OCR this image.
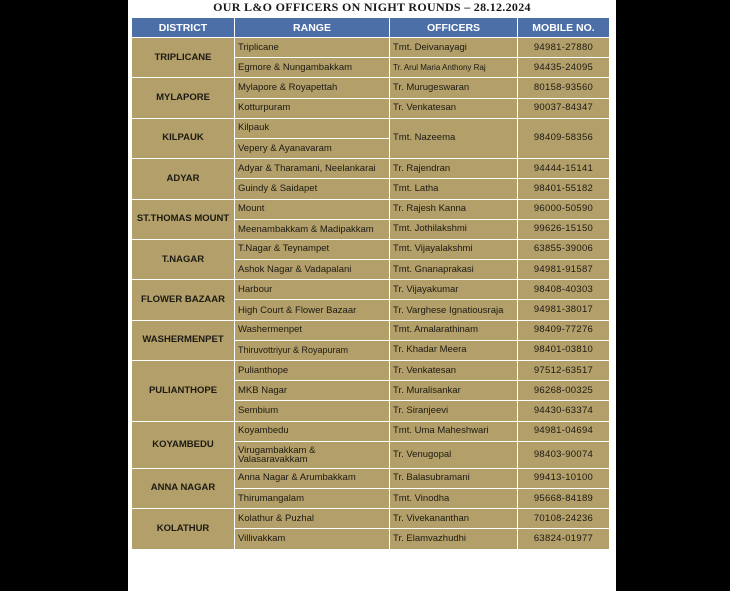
OUR L&O OFFICERS ON NIGHT ROUNDS – 28.12.2024
DISTRICT	RANGE	OFFICERS	MOBILE NO.
TRIPLICANE	Triplicane	Tmt. Deivanayagi	94981-27880
	Egmore & Nungambakkam	Tr. Arul Maria Anthony Raj	94435-24095
MYLAPORE	Mylapore & Royapettah	Tr. Murugeswaran	80158-93560
	Kotturpuram	Tr. Venkatesan	90037-84347
KILPAUK	Kilpauk	Tmt. Nazeema	98409-58356
	Vepery & Ayanavaram		
ADYAR	Adyar & Tharamani, Neelankarai	Tr. Rajendran	94444-15141
	Guindy & Saidapet	Tmt. Latha	98401-55182
ST.THOMAS MOUNT	Mount	Tr. Rajesh Kanna	96000-50590
	Meenambakkam & Madipakkam	Tmt. Jothilakshmi	99626-15150
T.NAGAR	T.Nagar & Teynampet	Tmt. Vijayalakshmi	63855-39006
	Ashok Nagar & Vadapalani	Tmt. Gnanaprakasi	94981-91587
FLOWER BAZAAR	Harbour	Tr. Vijayakumar	98408-40303
	High Court & Flower Bazaar	Tr. Varghese Ignatiousraja	94981-38017
WASHERMENPET	Washermenpet	Tmt. Amalarathinam	98409-77276
	Thiruvottriyur & Royapuram	Tr. Khadar Meera	98401-03810
PULIANTHOPE	Pulianthope	Tr. Venkatesan	97512-63517
	MKB Nagar	Tr. Muralisankar	96268-00325
	Sembium	Tr. Siranjeevi	94430-63374
KOYAMBEDU	Koyambedu	Tmt. Uma Maheshwari	94981-04694
	Virugambakkam & Valasaravakkam	Tr. Venugopal	98403-90074
ANNA NAGAR	Anna Nagar & Arumbakkam	Tr. Balasubramani	99413-10100
	Thirumangalam	Tmt. Vinodha	95668-84189
KOLATHUR	Kolathur & Puzhal	Tr. Vivekananthan	70108-24236
	Villivakkam	Tr. Elamvazhudhi	63824-01977
